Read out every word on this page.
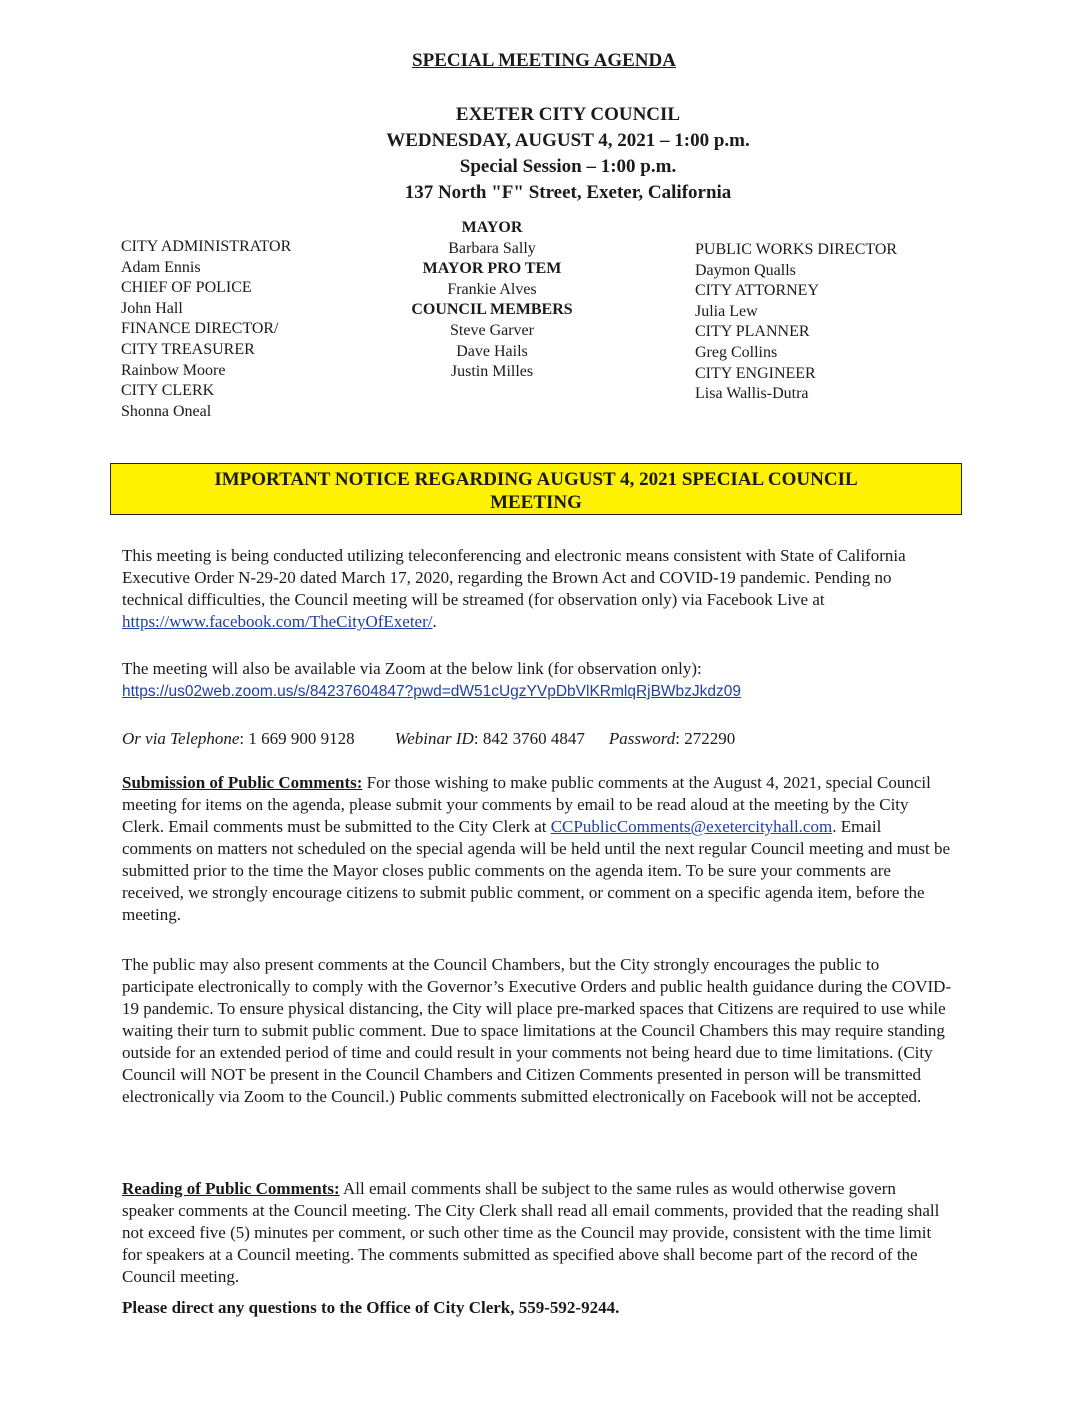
SPECIAL MEETING AGENDA
EXETER CITY COUNCIL
WEDNESDAY, AUGUST 4, 2021 – 1:00 p.m.
Special Session – 1:00 p.m.
137 North "F" Street, Exeter, California
CITY ADMINISTRATOR
Adam Ennis
CHIEF OF POLICE
John Hall
FINANCE DIRECTOR/
CITY TREASURER
Rainbow Moore
CITY CLERK
Shonna Oneal
MAYOR
Barbara Sally
MAYOR PRO TEM
Frankie Alves
COUNCIL MEMBERS
Steve Garver
Dave Hails
Justin Milles
PUBLIC WORKS DIRECTOR
Daymon Qualls
CITY ATTORNEY
Julia Lew
CITY PLANNER
Greg Collins
CITY ENGINEER
Lisa Wallis-Dutra
IMPORTANT NOTICE REGARDING AUGUST 4, 2021 SPECIAL COUNCIL
MEETING
This meeting is being conducted utilizing teleconferencing and electronic means consistent with State of California Executive Order N-29-20 dated March 17, 2020, regarding the Brown Act and COVID-19 pandemic. Pending no technical difficulties, the Council meeting will be streamed (for observation only) via Facebook Live at https://www.facebook.com/TheCityOfExeter/.
The meeting will also be available via Zoom at the below link (for observation only):
https://us02web.zoom.us/s/84237604847?pwd=dW51cUgzYVpDbVlKRmlqRjBWbzJkdz09
Or via Telephone: 1 669 900 9128 Webinar ID: 842 3760 4847 Password: 272290
Submission of Public Comments: For those wishing to make public comments at the August 4, 2021, special Council meeting for items on the agenda, please submit your comments by email to be read aloud at the meeting by the City Clerk. Email comments must be submitted to the City Clerk at CCPublicComments@exetercityhall.com. Email comments on matters not scheduled on the special agenda will be held until the next regular Council meeting and must be submitted prior to the time the Mayor closes public comments on the agenda item. To be sure your comments are received, we strongly encourage citizens to submit public comment, or comment on a specific agenda item, before the meeting.
The public may also present comments at the Council Chambers, but the City strongly encourages the public to participate electronically to comply with the Governor’s Executive Orders and public health guidance during the COVID-19 pandemic. To ensure physical distancing, the City will place pre-marked spaces that Citizens are required to use while waiting their turn to submit public comment. Due to space limitations at the Council Chambers this may require standing outside for an extended period of time and could result in your comments not being heard due to time limitations. (City Council will NOT be present in the Council Chambers and Citizen Comments presented in person will be transmitted electronically via Zoom to the Council.) Public comments submitted electronically on Facebook will not be accepted.
Reading of Public Comments: All email comments shall be subject to the same rules as would otherwise govern speaker comments at the Council meeting. The City Clerk shall read all email comments, provided that the reading shall not exceed five (5) minutes per comment, or such other time as the Council may provide, consistent with the time limit for speakers at a Council meeting. The comments submitted as specified above shall become part of the record of the Council meeting.
Please direct any questions to the Office of City Clerk, 559-592-9244.
